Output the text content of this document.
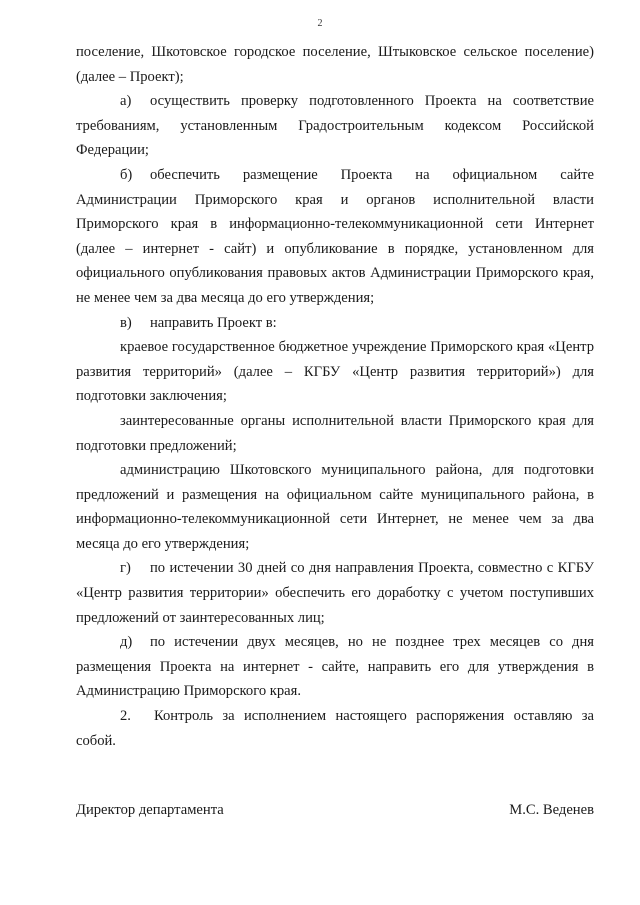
2

поселение, Шкотовское городское поселение, Штыковское сельское поселение) (далее – Проект);

а) осуществить проверку подготовленного Проекта на соответствие требованиям, установленным Градостроительным кодексом Российской Федерации;

б) обеспечить размещение Проекта на официальном сайте Администрации Приморского края и органов исполнительной власти Приморского края в информационно-телекоммуникационной сети Интернет (далее – интернет - сайт) и опубликование в порядке, установленном для официального опубликования правовых актов Администрации Приморского края, не менее чем за два месяца до его утверждения;

в) направить Проект в:

краевое государственное бюджетное учреждение Приморского края «Центр развития территорий» (далее – КГБУ «Центр развития территорий») для подготовки заключения;

заинтересованные органы исполнительной власти Приморского края для подготовки предложений;

администрацию Шкотовского муниципального района, для подготовки предложений и размещения на официальном сайте муниципального района, в информационно-телекоммуникационной сети Интернет, не менее чем за два месяца до его утверждения;

г) по истечении 30 дней со дня направления Проекта, совместно с КГБУ «Центр развития территории» обеспечить его доработку с учетом поступивших предложений от заинтересованных лиц;

д) по истечении двух месяцев, но не позднее трех месяцев со дня размещения Проекта на интернет - сайте, направить его для утверждения в Администрацию Приморского края.

2. Контроль за исполнением настоящего распоряжения оставляю за собой.

Директор департамента	М.С. Веденев
